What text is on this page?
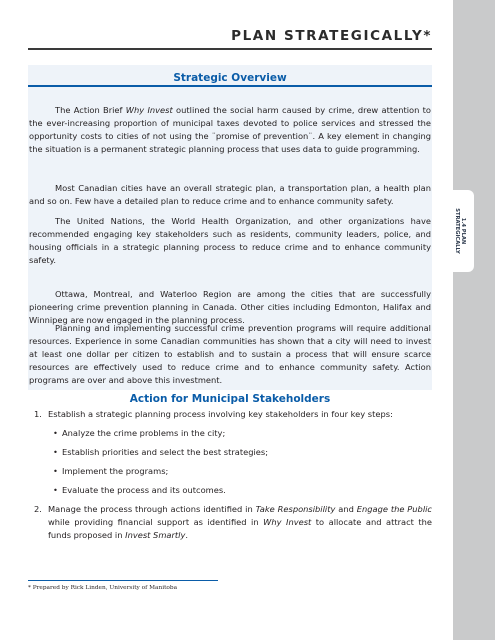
PLAN STRATEGICALLY*
Strategic Overview

The Action Brief Why Invest outlined the social harm caused by crime, drew attention to the ever-increasing proportion of municipal taxes devoted to police services and stressed the opportunity costs to cities of not using the ¨promise of prevention¨. A key element in changing the situation is a permanent strategic planning process that uses data to guide programming.

Most Canadian cities have an overall strategic plan, a transportation plan, a health plan and so on. Few have a detailed plan to reduce crime and to enhance community safety.

The United Nations, the World Health Organization, and other organizations have recommended engaging key stakeholders such as residents, community leaders, police, and housing officials in a strategic planning process to reduce crime and to enhance community safety.

Ottawa, Montreal, and Waterloo Region are among the cities that are successfully pioneering crime prevention planning in Canada. Other cities including Edmonton, Halifax and Winnipeg are now engaged in the planning process.

Planning and implementing successful crime prevention programs will require additional resources. Experience in some Canadian communities has shown that a city will need to invest at least one dollar per citizen to establish and to sustain a process that will ensure scarce resources are effectively used to reduce crime and to enhance community safety. Action programs are over and above this investment.

Action for Municipal Stakeholders
1. Establish a strategic planning process involving key stakeholders in four key steps:
• Analyze the crime problems in the city;
• Establish priorities and select the best strategies;
• Implement the programs;
• Evaluate the process and its outcomes.
2. Manage the process through actions identified in Take Responsibility and Engage the Public while providing financial support as identified in Why Invest to allocate and attract the funds proposed in Invest Smartly.
* Prepared by Rick Linden, University of Manitoba
1.4 PLAN
STRATEGICALLY
